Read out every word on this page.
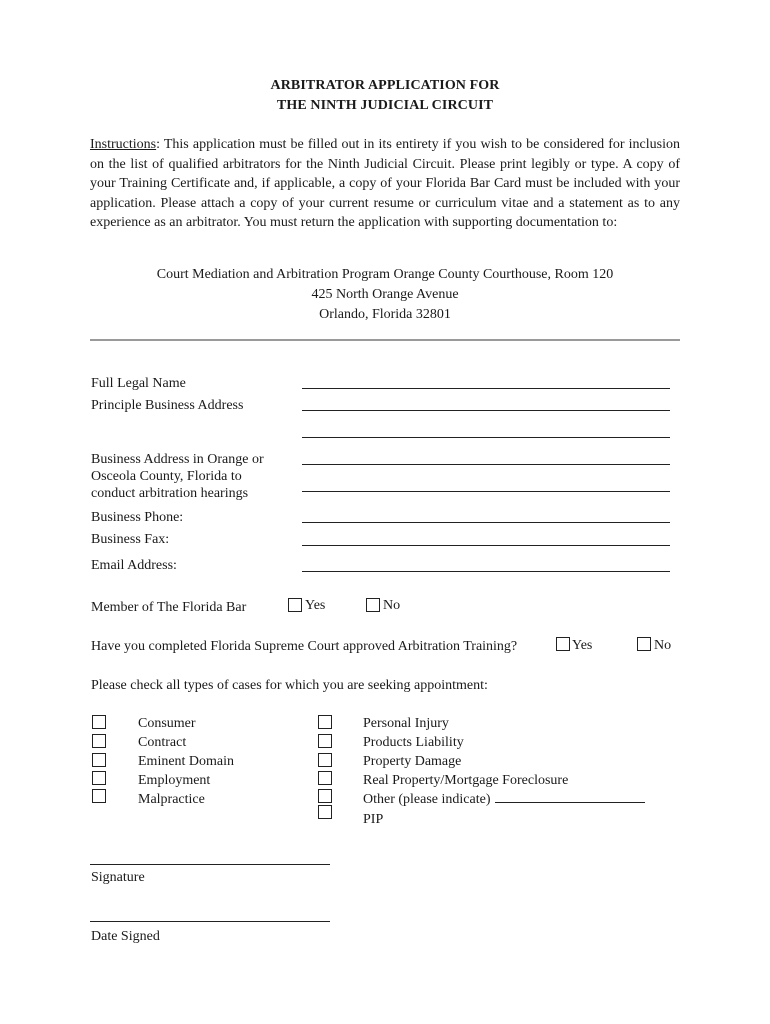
ARBITRATOR APPLICATION FOR
THE NINTH JUDICIAL CIRCUIT

Instructions: This application must be filled out in its entirety if you wish to be considered for inclusion on the list of qualified arbitrators for the Ninth Judicial Circuit. Please print legibly or type. A copy of your Training Certificate and, if applicable, a copy of your Florida Bar Card must be included with your application. Please attach a copy of your current resume or curriculum vitae and a statement as to any experience as an arbitrator. You must return the application with supporting documentation to:

Court Mediation and Arbitration Program Orange County Courthouse, Room 120
425 North Orange Avenue
Orlando, Florida 32801
Full Legal Name
Principle Business Address
Business Address in Orange or
Osceola County, Florida to
conduct arbitration hearings
Business Phone:
Business Fax:
Email Address:
Member of The Florida Bar	Yes	No
Have you completed Florida Supreme Court approved Arbitration Training?	Yes	No
Please check all types of cases for which you are seeking appointment:
Consumer
Contract
Eminent Domain
Employment
Malpractice
Personal Injury
Products Liability
Property Damage
Real Property/Mortgage Foreclosure
Other (please indicate)
PIP
Signature
Date Signed
